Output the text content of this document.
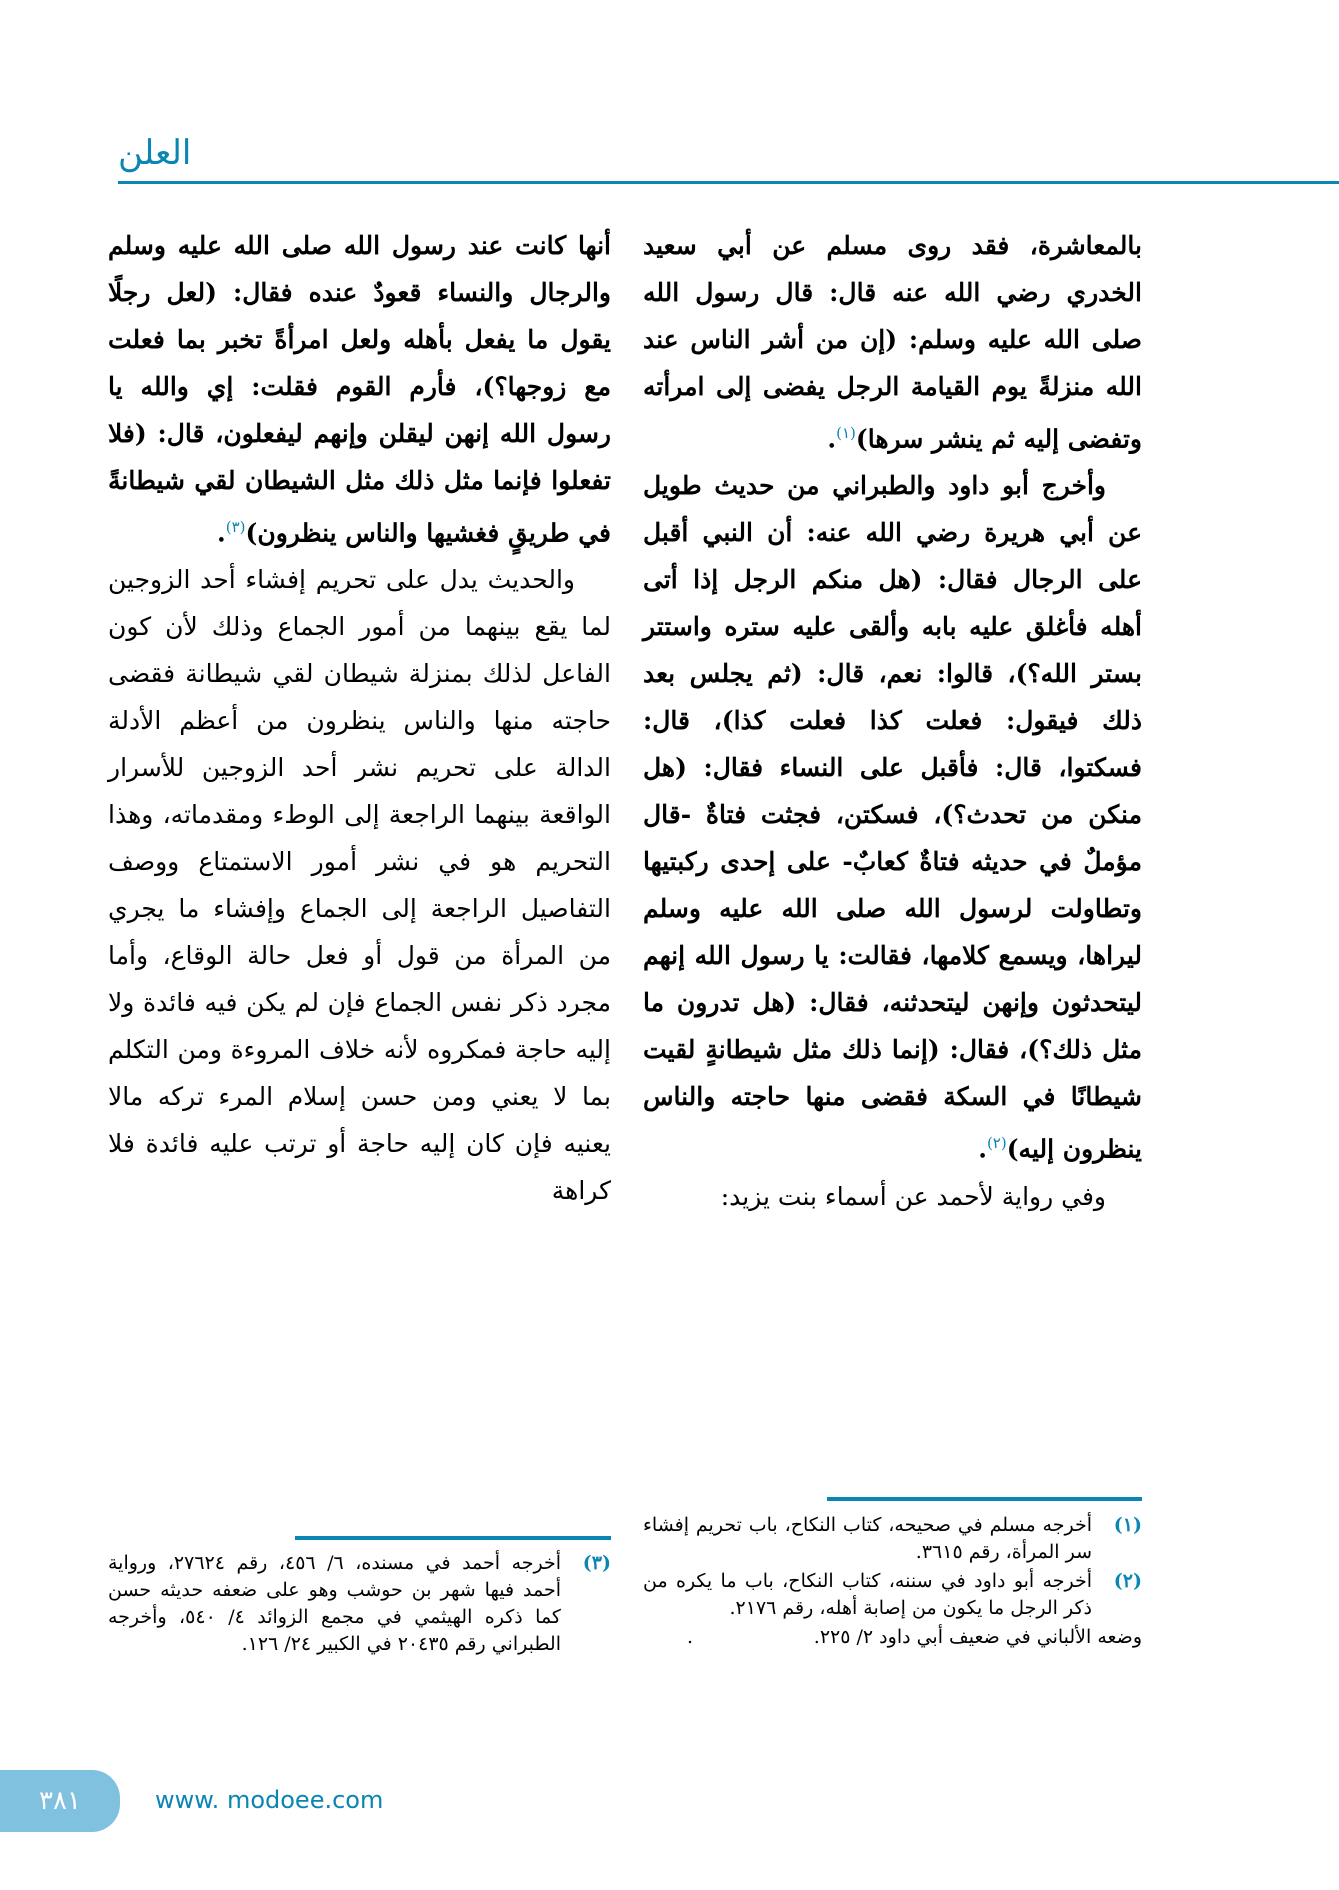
العلن

بالمعاشرة، فقد روى مسلم عن أبي سعيد الخدري رضي الله عنه قال: قال رسول الله صلى الله عليه وسلم: (إن من أشر الناس عند الله منزلةً يوم القيامة الرجل يفضى إلى امرأته وتفضى إليه ثم ينشر سرها)$^{(١)}$.

وأخرج أبو داود والطبراني من حديث طويل عن أبي هريرة رضي الله عنه: أن النبي أقبل على الرجال فقال: (هل منكم الرجل إذا أتى أهله فأغلق عليه بابه وألقى عليه ستره واستتر بستر الله؟)، قالوا: نعم، قال: (ثم يجلس بعد ذلك فيقول: فعلت كذا فعلت كذا)، قال: فسكتوا، قال: فأقبل على النساء فقال: (هل منكن من تحدث؟)، فسكتن، فجثت فتاةٌ -قال مؤملٌ في حديثه فتاةٌ كعابٌ- على إحدى ركبتيها وتطاولت لرسول الله صلى الله عليه وسلم ليراها، ويسمع كلامها، فقالت: يا رسول الله إنهم ليتحدثون وإنهن ليتحدثنه، فقال: (هل تدرون ما مثل ذلك؟)، فقال: (إنما ذلك مثل شيطانةٍ لقيت شيطانًا في السكة فقضى منها حاجته والناس ينظرون إليه)$^{(٢)}$.

وفي رواية لأحمد عن أسماء بنت يزيد:

أنها كانت عند رسول الله صلى الله عليه وسلم والرجال والنساء قعودٌ عنده فقال: (لعل رجلًا يقول ما يفعل بأهله ولعل امرأةً تخبر بما فعلت مع زوجها؟)، فأرم القوم فقلت: إي والله يا رسول الله إنهن ليقلن وإنهم ليفعلون، قال: (فلا تفعلوا فإنما مثل ذلك مثل الشيطان لقي شيطانةً في طريقٍ فغشيها والناس ينظرون)$^{(٣)}$.

والحديث يدل على تحريم إفشاء أحد الزوجين لما يقع بينهما من أمور الجماع وذلك لأن كون الفاعل لذلك بمنزلة شيطان لقي شيطانة فقضى حاجته منها والناس ينظرون من أعظم الأدلة الدالة على تحريم نشر أحد الزوجين للأسرار الواقعة بينهما الراجعة إلى الوطء ومقدماته، وهذا التحريم هو في نشر أمور الاستمتاع ووصف التفاصيل الراجعة إلى الجماع وإفشاء ما يجري من المرأة من قول أو فعل حالة الوقاع، وأما مجرد ذكر نفس الجماع فإن لم يكن فيه فائدة ولا إليه حاجة فمكروه لأنه خلاف المروءة ومن التكلم بما لا يعني ومن حسن إسلام المرء تركه مالا يعنيه فإن كان إليه حاجة أو ترتب عليه فائدة فلا كراهة

(١)
أخرجه مسلم في صحيحه، كتاب النكاح، باب تحريم إفشاء سر المرأة، رقم ٣٦١٥.
(٢)
أخرجه أبو داود في سننه، كتاب النكاح، باب ما يكره من ذكر الرجل ما يكون من إصابة أهله، رقم ٢١٧٦.
وضعه الألباني في ضعيف أبي داود ٢/ ٢٢٥.
.
(٣)
أخرجه أحمد في مسنده، ٦/ ٤٥٦، رقم ٢٧٦٢٤، ورواية أحمد فيها شهر بن حوشب وهو على ضعفه حديثه حسن كما ذكره الهيثمي في مجمع الزوائد ٤/ ٥٤٠، وأخرجه الطبراني رقم ٢٠٤٣٥ في الكبير ٢٤/ ١٢٦.
٣٨١	www. modoee.com
